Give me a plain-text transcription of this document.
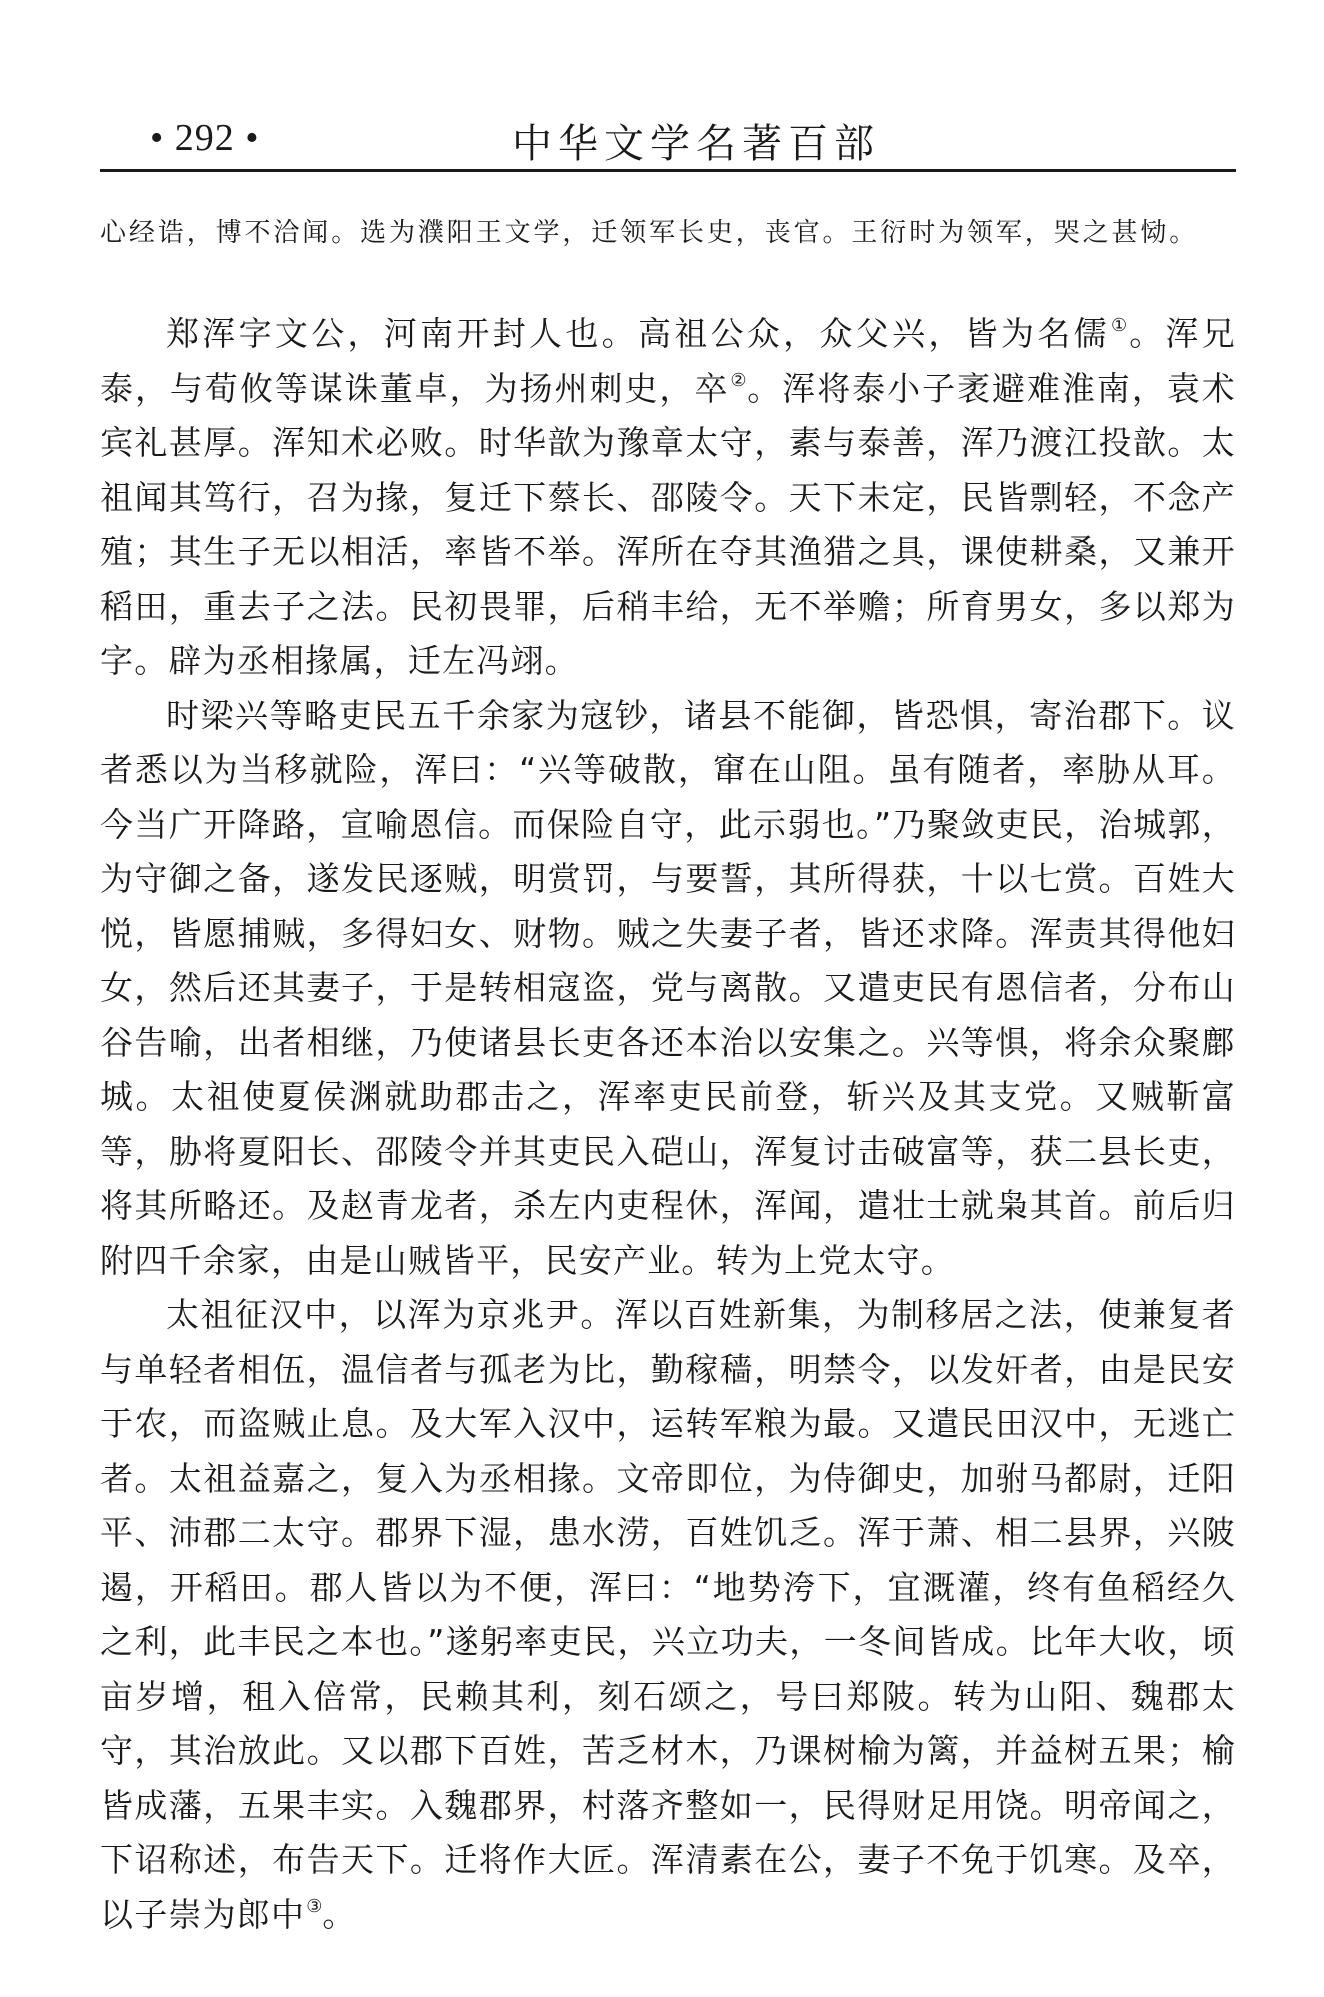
• 292 •	中华文学名著百部
心经诰，博不洽闻。选为濮阳王文学，迁领军长史，丧官。王衍时为领军，哭之甚恸。

郑浑字文公，河南开封人也。高祖公众，众父兴，皆为名儒①。浑兄泰，与荀攸等谋诛董卓，为扬州刺史，卒②。浑将泰小子袤避难淮南，袁术宾礼甚厚。浑知术必败。时华歆为豫章太守，素与泰善，浑乃渡江投歆。太祖闻其笃行，召为掾，复迁下蔡长、邵陵令。天下未定，民皆剽轻，不念产殖；其生子无以相活，率皆不举。浑所在夺其渔猎之具，课使耕桑，又兼开稻田，重去子之法。民初畏罪，后稍丰给，无不举赡；所育男女，多以郑为字。辟为丞相掾属，迁左冯翊。

时梁兴等略吏民五千余家为寇钞，诸县不能御，皆恐惧，寄治郡下。议者悉以为当移就险，浑曰：“兴等破散，窜在山阻。虽有随者，率胁从耳。今当广开降路，宣喻恩信。而保险自守，此示弱也。”乃聚敛吏民，治城郭，为守御之备，遂发民逐贼，明赏罚，与要誓，其所得获，十以七赏。百姓大悦，皆愿捕贼，多得妇女、财物。贼之失妻子者，皆还求降。浑责其得他妇女，然后还其妻子，于是转相寇盗，党与离散。又遣吏民有恩信者，分布山谷告喻，出者相继，乃使诸县长吏各还本治以安集之。兴等惧，将余众聚鄜城。太祖使夏侯渊就助郡击之，浑率吏民前登，斩兴及其支党。又贼靳富等，胁将夏阳长、邵陵令并其吏民入硙山，浑复讨击破富等，获二县长吏，将其所略还。及赵青龙者，杀左内吏程休，浑闻，遣壮士就枭其首。前后归附四千余家，由是山贼皆平，民安产业。转为上党太守。

太祖征汉中，以浑为京兆尹。浑以百姓新集，为制移居之法，使兼复者与单轻者相伍，温信者与孤老为比，勤稼穑，明禁令，以发奸者，由是民安于农，而盗贼止息。及大军入汉中，运转军粮为最。又遣民田汉中，无逃亡者。太祖益嘉之，复入为丞相掾。文帝即位，为侍御史，加驸马都尉，迁阳平、沛郡二太守。郡界下湿，患水涝，百姓饥乏。浑于萧、相二县界，兴陂遏，开稻田。郡人皆以为不便，浑曰：“地势洿下，宜溉灌，终有鱼稻经久之利，此丰民之本也。”遂躬率吏民，兴立功夫，一冬间皆成。比年大收，顷亩岁增，租入倍常，民赖其利，刻石颂之，号曰郑陂。转为山阳、魏郡太守，其治放此。又以郡下百姓，苦乏材木，乃课树榆为篱，并益树五果；榆皆成藩，五果丰实。入魏郡界，村落齐整如一，民得财足用饶。明帝闻之，下诏称述，布告天下。迁将作大匠。浑清素在公，妻子不免于饥寒。及卒，以子崇为郎中③。
